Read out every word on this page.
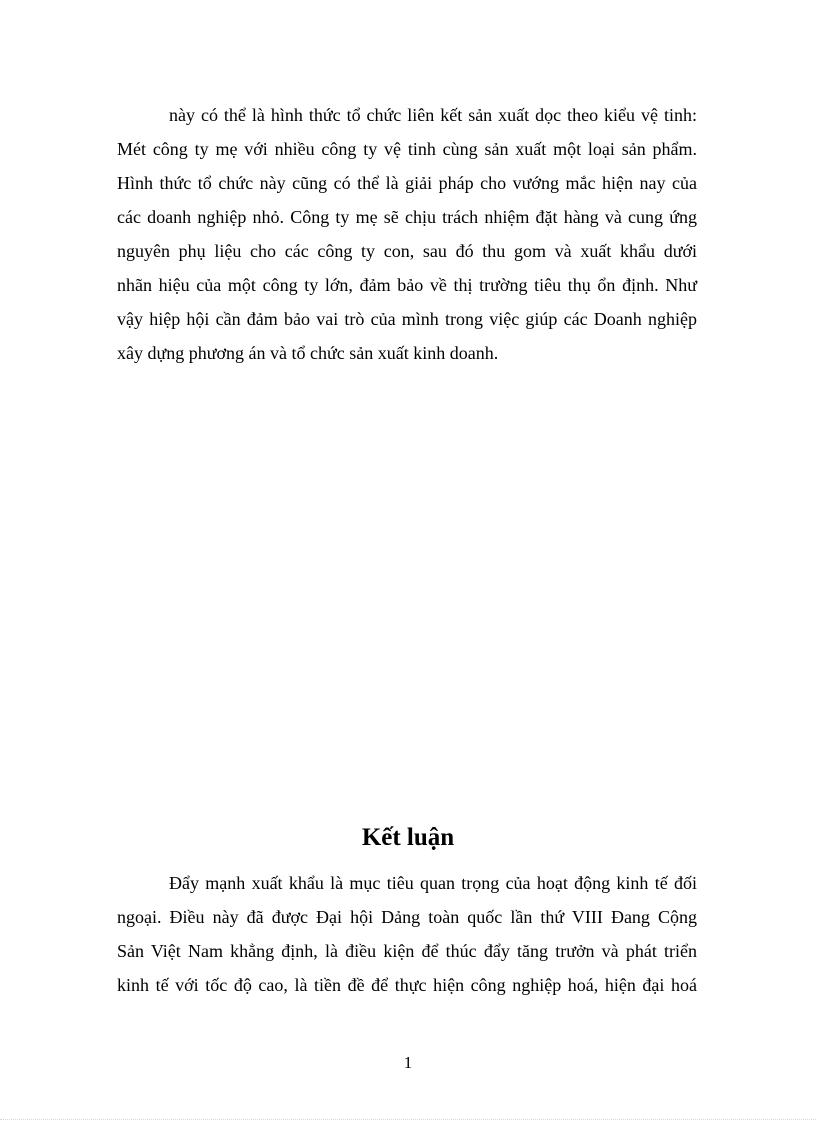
này có thể là hình thức tổ chức liên kết sản xuất dọc theo kiểu vệ tinh:
Mét công ty mẹ với nhiều công ty vệ tinh cùng sản xuất một loại sản phẩm.
Hình thức tổ chức này cũng có thể là giải pháp cho vướng mắc hiện nay của
các doanh nghiệp nhỏ. Công ty mẹ sẽ chịu trách nhiệm đặt hàng và cung ứng
nguyên phụ liệu cho các công ty con, sau đó thu gom và xuất khẩu dưới
nhãn hiệu của một công ty lớn, đảm bảo về thị trường tiêu thụ ổn định. Như
vậy hiệp hội cần đảm bảo vai trò của mình trong việc giúp các Doanh nghiệp
xây dựng phương án và tổ chức sản xuất kinh doanh.
Kết luận
Đẩy mạnh xuất khẩu là mục tiêu quan trọng của hoạt động kinh tế đối
ngoại. Điều này đã được Đại hội Dảng toàn quốc lần thứ VIII Đang Cộng
Sản Việt Nam khẳng định, là điều kiện để thúc đẩy tăng trưởn và phát triển
kinh tế với tốc độ cao, là tiền đề để thực hiện công nghiệp hoá, hiện đại hoá
1
